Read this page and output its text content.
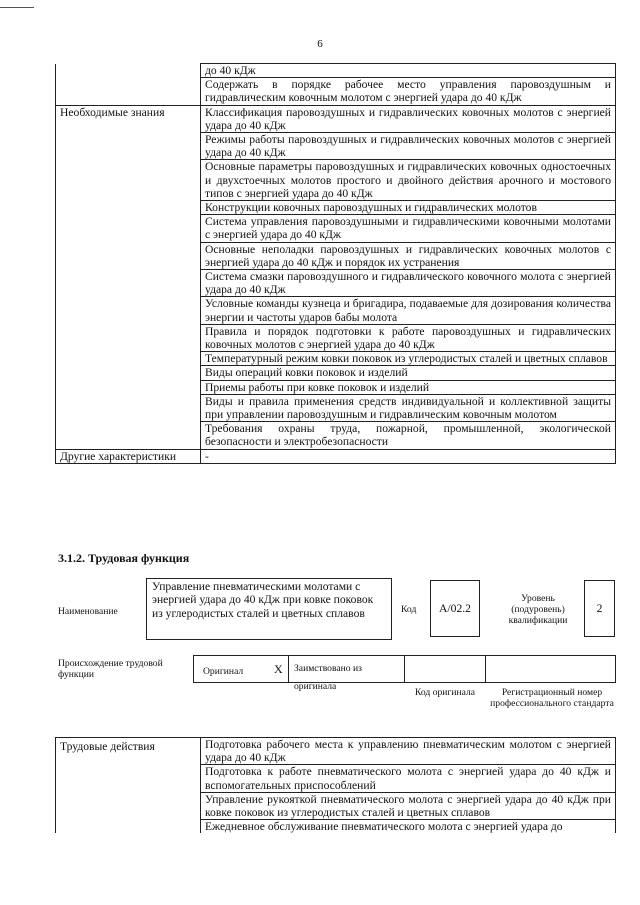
6
	до 40 кДж
	Содержать в порядке рабочее место управления паровоздушным и гидравлическим ковочным молотом с энергией удара до 40 кДж
Необходимые знания	Классификация паровоздушных и гидравлических ковочных молотов с энергией удара до 40 кДж
	Режимы работы паровоздушных и гидравлических ковочных молотов с энергией удара до 40 кДж
	Основные параметры паровоздушных и гидравлических ковочных одностоечных и двухстоечных молотов простого и двойного действия арочного и мостового типов с энергией удара до 40 кДж
	Конструкции ковочных паровоздушных и гидравлических молотов
	Система управления паровоздушными и гидравлическими ковочными молотами с энергией удара до 40 кДж
	Основные неполадки паровоздушных и гидравлических ковочных молотов с энергией удара до 40 кДж и порядок их устранения
	Система смазки паровоздушного и гидравлического ковочного молота с энергией удара до 40 кДж
	Условные команды кузнеца и бригадира, подаваемые для дозирования количества энергии и частоты ударов бабы молота
	Правила и порядок подготовки к работе паровоздушных и гидравлических ковочных молотов с энергией удара до 40 кДж
	Температурный режим ковки поковок из углеродистых сталей и цветных сплавов
	Виды операций ковки поковок и изделий
	Приемы работы при ковке поковок и изделий
	Виды и правила применения средств индивидуальной и коллективной защиты при управлении паровоздушным и гидравлическим ковочным молотом
	Требования охраны труда, пожарной, промышленной, экологической безопасности и электробезопасности
Другие характеристики	-
3.1.2. Трудовая функция
Наименование
Управление пневматическими молотами с энергией удара до 40 кДж при ковке поковок из углеродистых сталей и цветных сплавов	Код А/02.2
Уровень (подуровень) квалификации
2
Происхождение трудовой функции	Оригинал	X	Заимствовано из оригинала
Код оригинала	Регистрационный номер профессионального стандарта
Трудовые действия	Подготовка рабочего места к управлению пневматическим молотом с энергией удара до 40 кДж
	Подготовка к работе пневматического молота с энергией удара до 40 кДж и вспомогательных приспособлений
	Управление рукояткой пневматического молота с энергией удара до 40 кДж при ковке поковок из углеродистых сталей и цветных сплавов
	Ежедневное обслуживание пневматического молота с энергией удара до
